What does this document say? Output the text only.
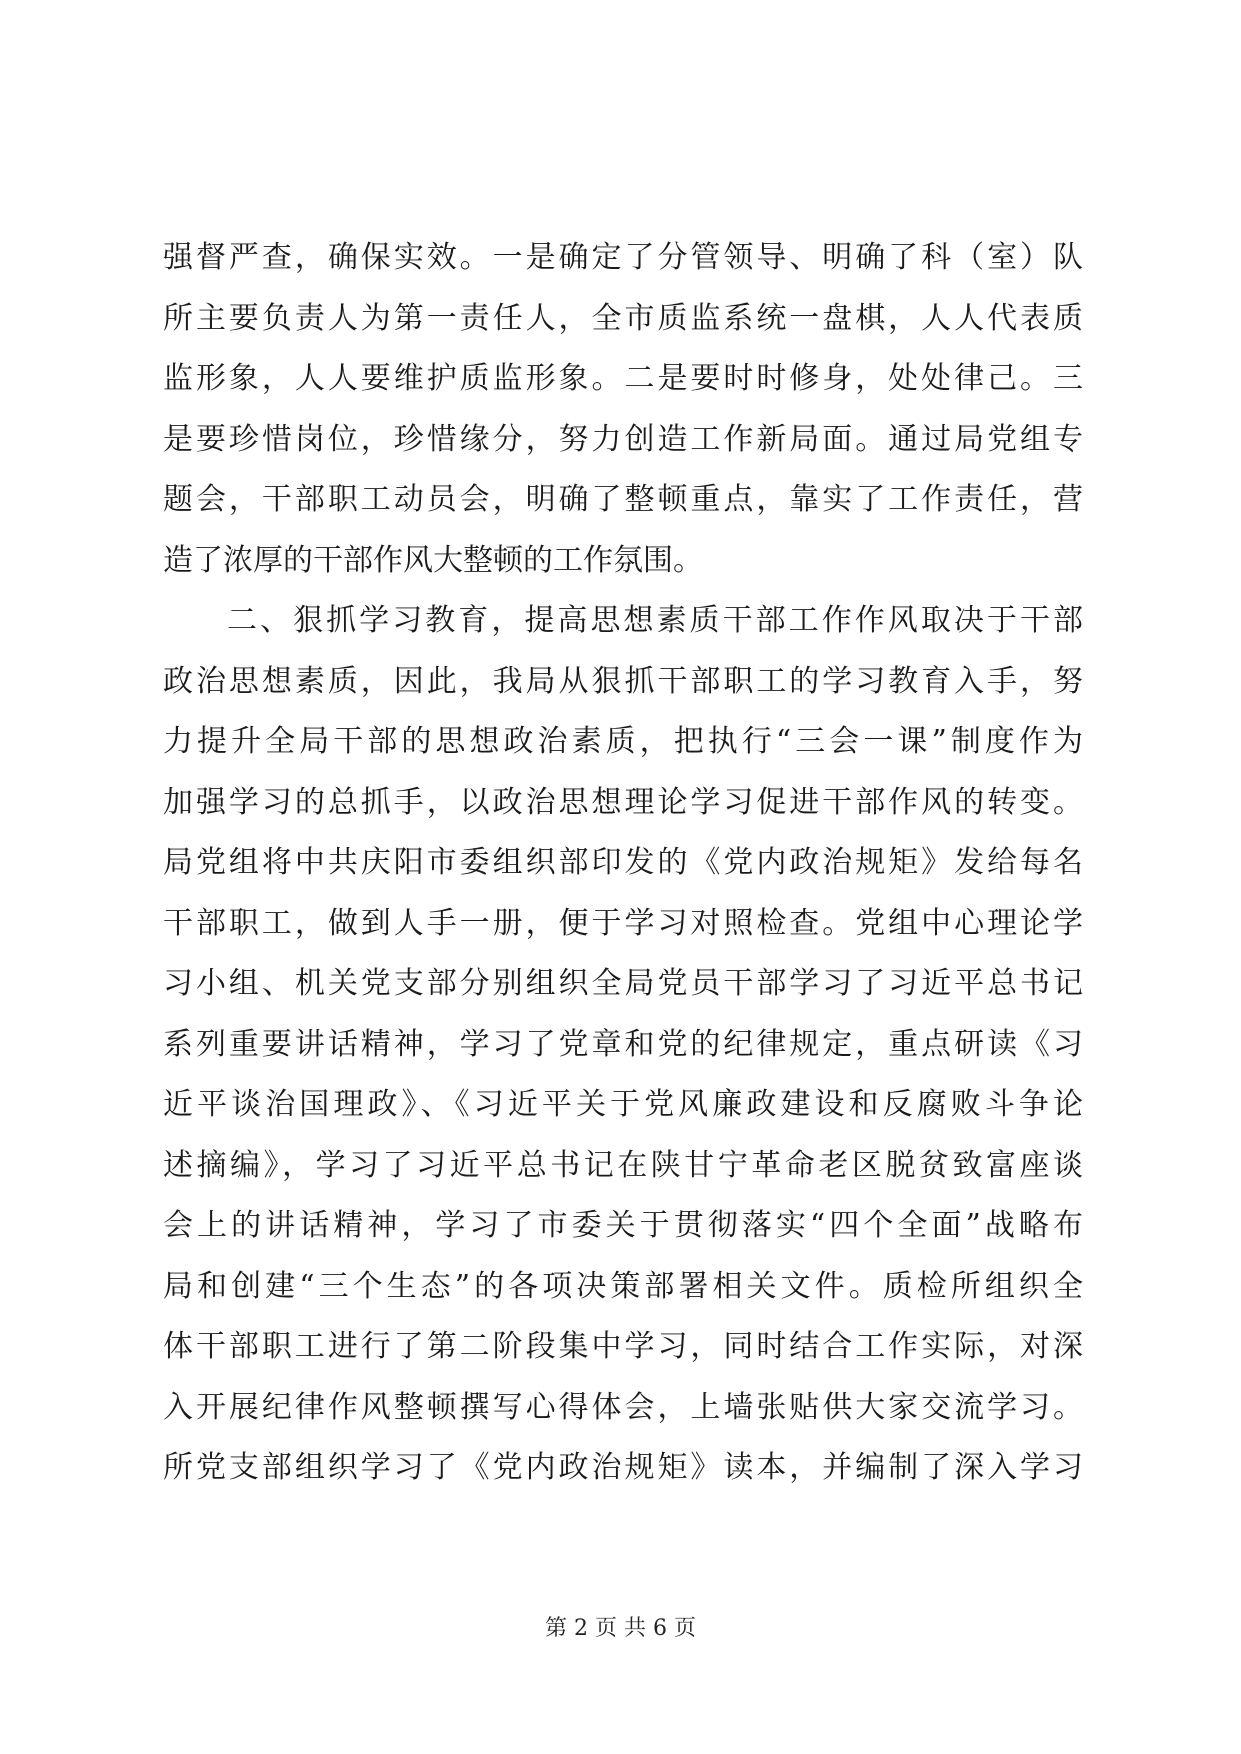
强督严查，确保实效。一是确定了分管领导、明确了科（室）队
所主要负责人为第一责任人，全市质监系统一盘棋，人人代表质
监形象，人人要维护质监形象。二是要时时修身，处处律己。三
是要珍惜岗位，珍惜缘分，努力创造工作新局面。通过局党组专
题会，干部职工动员会，明确了整顿重点，靠实了工作责任，营
造了浓厚的干部作风大整顿的工作氛围。
二、狠抓学习教育，提高思想素质干部工作作风取决于干部
政治思想素质，因此，我局从狠抓干部职工的学习教育入手，努
力提升全局干部的思想政治素质，把执行“三会一课”制度作为
加强学习的总抓手，以政治思想理论学习促进干部作风的转变。
局党组将中共庆阳市委组织部印发的《党内政治规矩》发给每名
干部职工，做到人手一册，便于学习对照检查。党组中心理论学
习小组、机关党支部分别组织全局党员干部学习了习近平总书记
系列重要讲话精神，学习了党章和党的纪律规定，重点研读《习
近平谈治国理政》、《习近平关于党风廉政建设和反腐败斗争论
述摘编》，学习了习近平总书记在陕甘宁革命老区脱贫致富座谈
会上的讲话精神，学习了市委关于贯彻落实“四个全面”战略布
局和创建“三个生态”的各项决策部署相关文件。质检所组织全
体干部职工进行了第二阶段集中学习，同时结合工作实际，对深
入开展纪律作风整顿撰写心得体会，上墙张贴供大家交流学习。
所党支部组织学习了《党内政治规矩》读本，并编制了深入学习
第 2 页 共 6 页
